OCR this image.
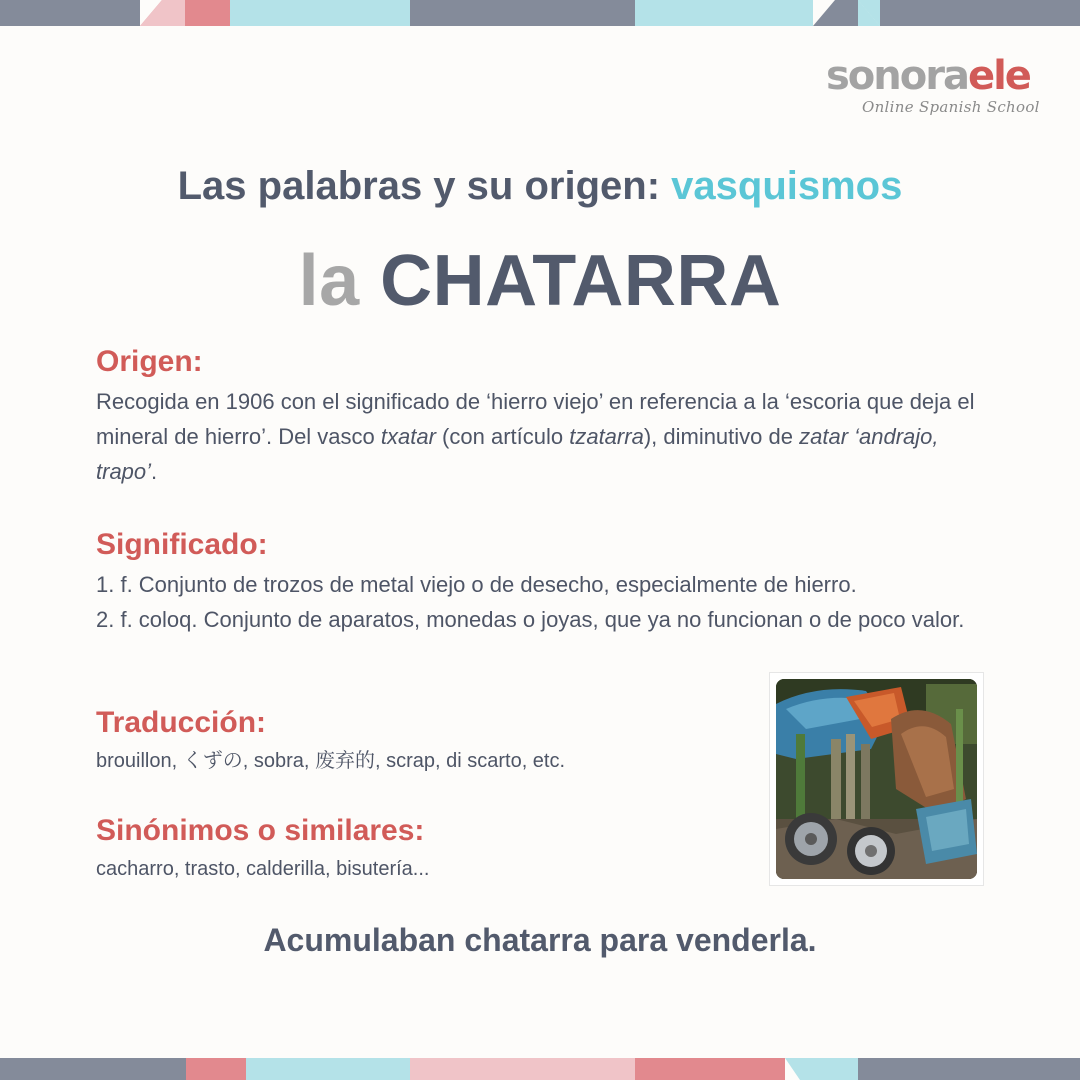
sonoraele
Online Spanish School
Las palabras y su origen: vasquismos
la CHATARRA
Origen:

Recogida en 1906 con el significado de ‘hierro viejo’ en referencia a la ‘escoria que deja el mineral de hierro’. Del vasco txatar (con artículo tzatarra), diminutivo de zatar ‘andrajo, trapo’.

Significado:

1. f. Conjunto de trozos de metal viejo o de desecho, especialmente de hierro.
2. f. coloq. Conjunto de aparatos, monedas o joyas, que ya no funcionan o de poco valor.

Traducción:

brouillon, くずの, sobra, 废弃的, scrap, di scarto, etc.

Sinónimos o similares:

cacharro, trasto, calderilla, bisutería...

Acumulaban chatarra para venderla.
